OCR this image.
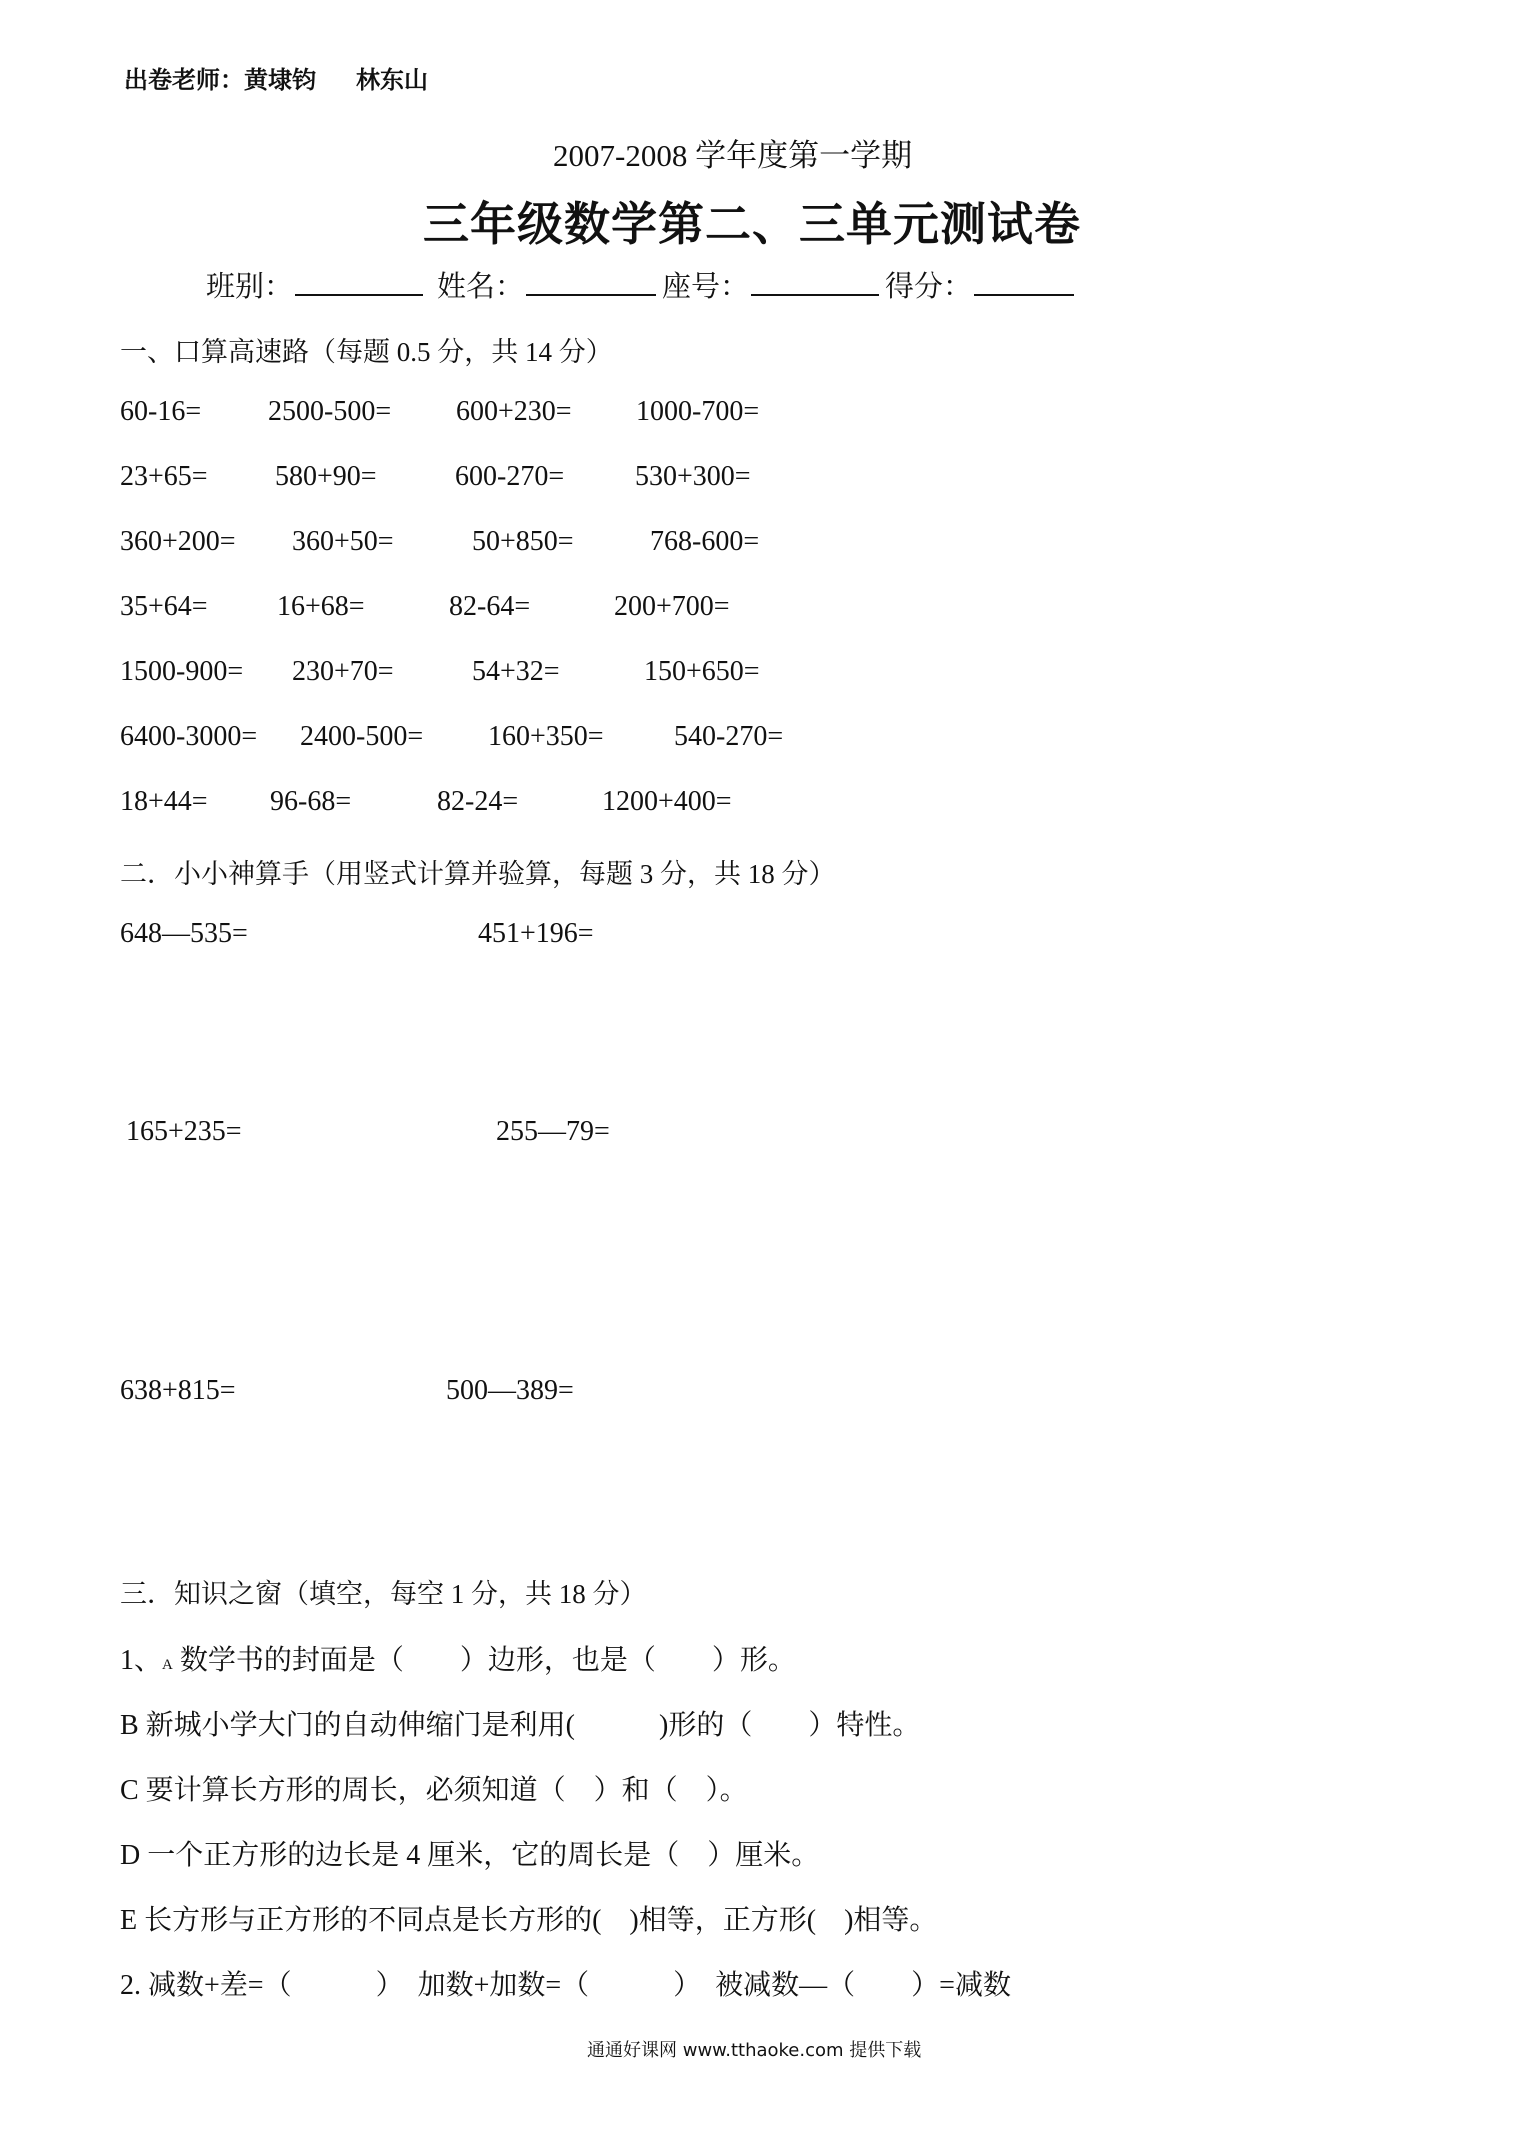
出卷老师：黄埭钧 林东山
2007-2008 学年度第一学期
三年级数学第二、三单元测试卷
班别：	姓名：	座号：	得分：
一、口算高速路（每题 0.5 分，共 14 分）
60-16=	2500-500=	600+230=	1000-700=
23+65=	580+90=	600-270=	530+300=
360+200=	360+50=	50+850=	768-600=
35+64=	16+68=	82-64=	200+700=
1500-900=	230+70=	54+32=	150+650=
6400-3000=	2400-500=	160+350=	540-270=
18+44=	96-68=	82-24=	1200+400=
二．小小神算手（用竖式计算并验算，每题 3 分，共 18 分）
648—535=	451+196=
165+235=	255—79=
638+815=	500—389=
三．知识之窗（填空，每空 1 分，共 18 分）
1、A 数学书的封面是（　　）边形，也是（　　）形。
B 新城小学大门的自动伸缩门是利用(　　　)形的（　　）特性。
C 要计算长方形的周长，必须知道（　）和（　）。
D 一个正方形的边长是 4 厘米，它的周长是（　）厘米。
E 长方形与正方形的不同点是长方形的(　)相等，正方形(　)相等。
2. 减数+差=（　　　）　加数+加数=（　　　）　被减数—（　　）=减数
通通好课网 www.tthaoke.com 提供下载
